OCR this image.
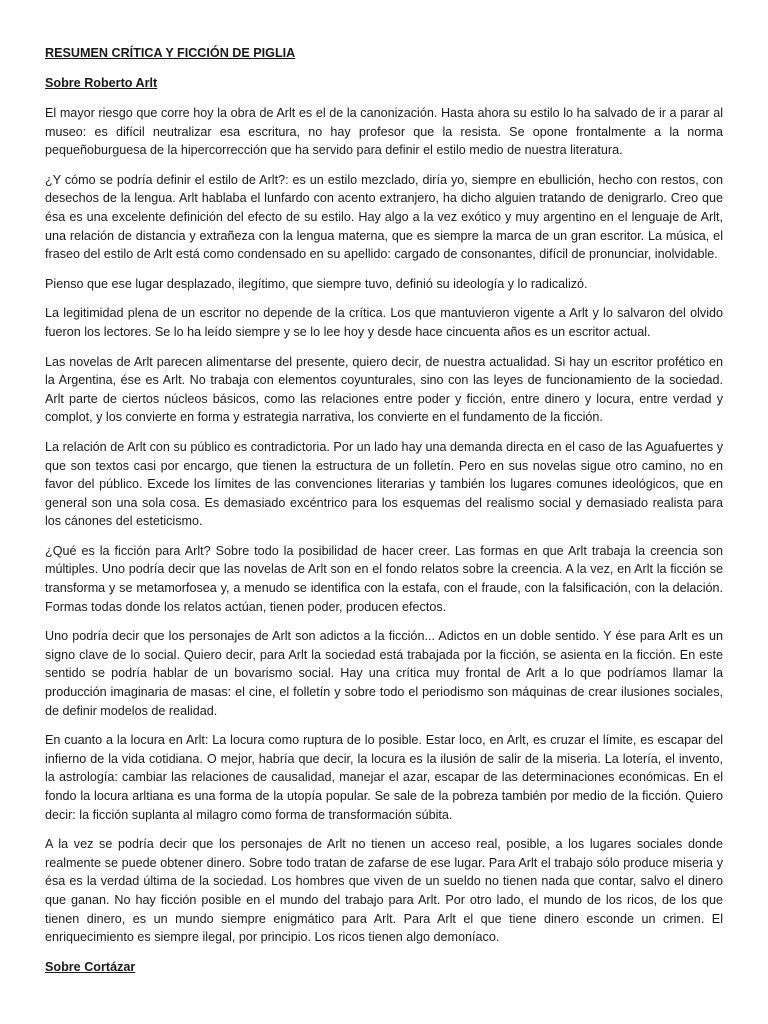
RESUMEN CRÍTICA Y FICCIÓN DE PIGLIA
Sobre Roberto Arlt

El mayor riesgo que corre hoy la obra de Arlt es el de la canonización. Hasta ahora su estilo lo ha salvado de ir a parar al museo: es difícil neutralizar esa escritura, no hay profesor que la resista. Se opone frontalmente a la norma pequeñoburguesa de la hipercorrección que ha servido para definir el estilo medio de nuestra literatura.

¿Y cómo se podría definir el estilo de Arlt?: es un estilo mezclado, diría yo, siempre en ebullición, hecho con restos, con desechos de la lengua. Arlt hablaba el lunfardo con acento extranjero, ha dicho alguien tratando de denigrarlo. Creo que ésa es una excelente definición del efecto de su estilo. Hay algo a la vez exótico y muy argentino en el lenguaje de Arlt, una relación de distancia y extrañeza con la lengua materna, que es siempre la marca de un gran escritor. La música, el fraseo del estilo de Arlt está como condensado en su apellido: cargado de consonantes, difícil de pronunciar, inolvidable.

Pienso que ese lugar desplazado, ilegítimo, que siempre tuvo, definió su ideología y lo radicalizó.

La legitimidad plena de un escritor no depende de la crítica. Los que mantuvieron vigente a Arlt y lo salvaron del olvido fueron los lectores. Se lo ha leído siempre y se lo lee hoy y desde hace cincuenta años es un escritor actual.

Las novelas de Arlt parecen alimentarse del presente, quiero decir, de nuestra actualidad. Si hay un escritor profético en la Argentina, ése es Arlt. No trabaja con elementos coyunturales, sino con las leyes de funcionamiento de la sociedad. Arlt parte de ciertos núcleos básicos, como las relaciones entre poder y ficción, entre dinero y locura, entre verdad y complot, y los convierte en forma y estrategia narrativa, los convierte en el fundamento de la ficción.

La relación de Arlt con su público es contradictoria. Por un lado hay una demanda directa en el caso de las Aguafuertes y que son textos casi por encargo, que tienen la estructura de un folletín. Pero en sus novelas sigue otro camino, no en favor del público. Excede los límites de las convenciones literarias y también los lugares comunes ideológicos, que en general son una sola cosa. Es demasiado excéntrico para los esquemas del realismo social y demasiado realista para los cánones del esteticismo.

¿Qué es la ficción para Arlt? Sobre todo la posibilidad de hacer creer. Las formas en que Arlt trabaja la creencia son múltiples. Uno podría decir que las novelas de Arlt son en el fondo relatos sobre la creencia. A la vez, en Arlt la ficción se transforma y se metamorfosea y, a menudo se identifica con la estafa, con el fraude, con la falsificación, con la delación. Formas todas donde los relatos actúan, tienen poder, producen efectos.

Uno podría decir que los personajes de Arlt son adictos a la ficción... Adictos en un doble sentido. Y ése para Arlt es un signo clave de lo social. Quiero decir, para Arlt la sociedad está trabajada por la ficción, se asienta en la ficción. En este sentido se podría hablar de un bovarismo social. Hay una crítica muy frontal de Arlt a lo que podríamos llamar la producción imaginaria de masas: el cine, el folletín y sobre todo el periodismo son máquinas de crear ilusiones sociales, de definir modelos de realidad.

En cuanto a la locura en Arlt: La locura como ruptura de lo posible. Estar loco, en Arlt, es cruzar el límite, es escapar del infierno de la vida cotidiana. O mejor, habría que decir, la locura es la ilusión de salir de la miseria. La lotería, el invento, la astrología: cambiar las relaciones de causalidad, manejar el azar, escapar de las determinaciones económicas. En el fondo la locura arltiana es una forma de la utopía popular. Se sale de la pobreza también por medio de la ficción. Quiero decir: la ficción suplanta al milagro como forma de transformación súbita.

A la vez se podría decir que los personajes de Arlt no tienen un acceso real, posible, a los lugares sociales donde realmente se puede obtener dinero. Sobre todo tratan de zafarse de ese lugar. Para Arlt el trabajo sólo produce miseria y ésa es la verdad última de la sociedad. Los hombres que viven de un sueldo no tienen nada que contar, salvo el dinero que ganan. No hay ficción posible en el mundo del trabajo para Arlt. Por otro lado, el mundo de los ricos, de los que tienen dinero, es un mundo siempre enigmático para Arlt. Para Arlt el que tiene dinero esconde un crimen. El enriquecimiento es siempre ilegal, por principio. Los ricos tienen algo demoníaco.

Sobre Cortázar
